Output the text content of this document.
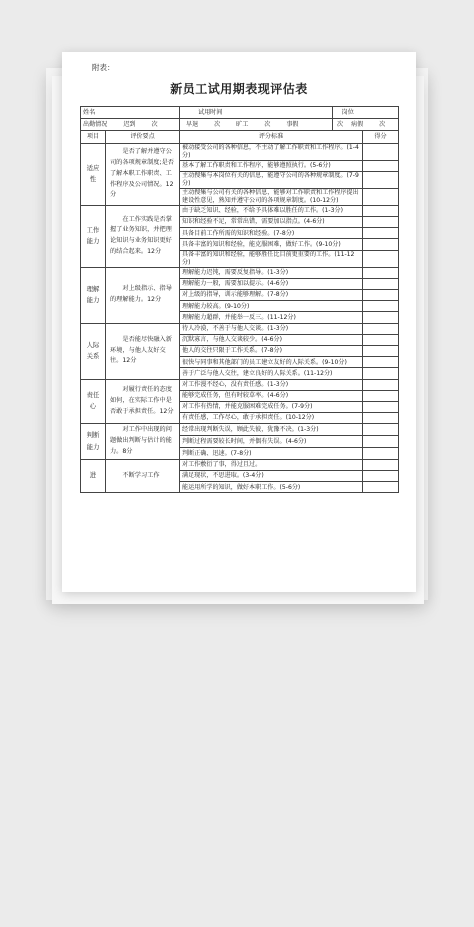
附表：
新员工试用期表现评估表
姓名		试用时间	岗位	
出勤情况 迟到 次		早退 次 旷工 次 事假	次 病假 次	
项目	评价要点	评分标准		得分
适应性	是否了解并遵守公司的各项规章制度;是否了解本职工作职责、工作程序及公司情况。12分	被动接受公司的各种信息，不主动了解工作职责和工作程序。(1-4分)		
		基本了解工作职责和工作程序，能够遵照执行。(5-6分)		
		主动搜集与本岗位有关的信息，能遵守公司的各种规章制度。(7-9分)		
		主动搜集与公司有关的各种信息，能够对工作职责和工作程序提出建设性意见，熟知并遵守公司的各项规章制度。(10-12分)		
工作能力	在工作实践是否掌握了业务知识，并把理论知识与业务知识更好的结合起来。12分	由于缺乏知识、经验，不给予具体难以胜任的工作。(1-3分)		
		知识和经验不足，常常出错，需要加以指点。(4-6分)		
		具备目前工作所需的知识和经验。(7-8分)		
		具备丰富的知识和经验，能克服困难，做好工作。(9-10分)		
		具备丰富的知识和经验，能够胜任比目前更重要的工作。(11-12分)		
理解能力	对上级指示、指导的理解能力。12分	理解能力迟钝，需要反复指导。(1-3分)		
		理解能力一般，需要加以提示。(4-6分)		
		对上级的指导，训示能够理解。(7-8分)		
		理解能力较高。(9-10分)		
		理解能力超群，并能举一反三。(11-12分)		
人际关系	是否能尽快融入新环境，与他人友好交往。12分	待人冷漠，不善于与他人交谈。(1-3分)		
		沉默寡言，与他人交谈较少。(4-6分)		
		他人的交往只限于工作关系。(7-8分)		
		很快与同事和其他部门的员工建立友好的人际关系。(9-10分)		
		善于广泛与他人交往，建立良好的人际关系。(11-12分)		
责任心	对履行责任的态度如何，在实际工作中是否敢于承担责任。12分	对工作漫不经心，没有责任感。(1-3分)		
		能够完成任务，但有时较草率。(4-6分)		
		对工作有热情，并能克服困难完成任务。(7-9分)		
		有责任感，工作尽心，敢于承担责任。(10-12分)		
判断能力	对工作中出现的问题做出判断与估计的能力。8分	经常出现判断失误，顾此失彼，犹豫不决。(1-3分)		
		判断过程需要较长时间，并偶有失误。(4-6分)		
		判断正确、迅速。(7-8分)		
进	不断学习工作	对工作敷衍了事，得过且过。		
		满足现状，不思进取。(3-4分)		
		能运用所学的知识，做好本职工作。(5-6分)		
